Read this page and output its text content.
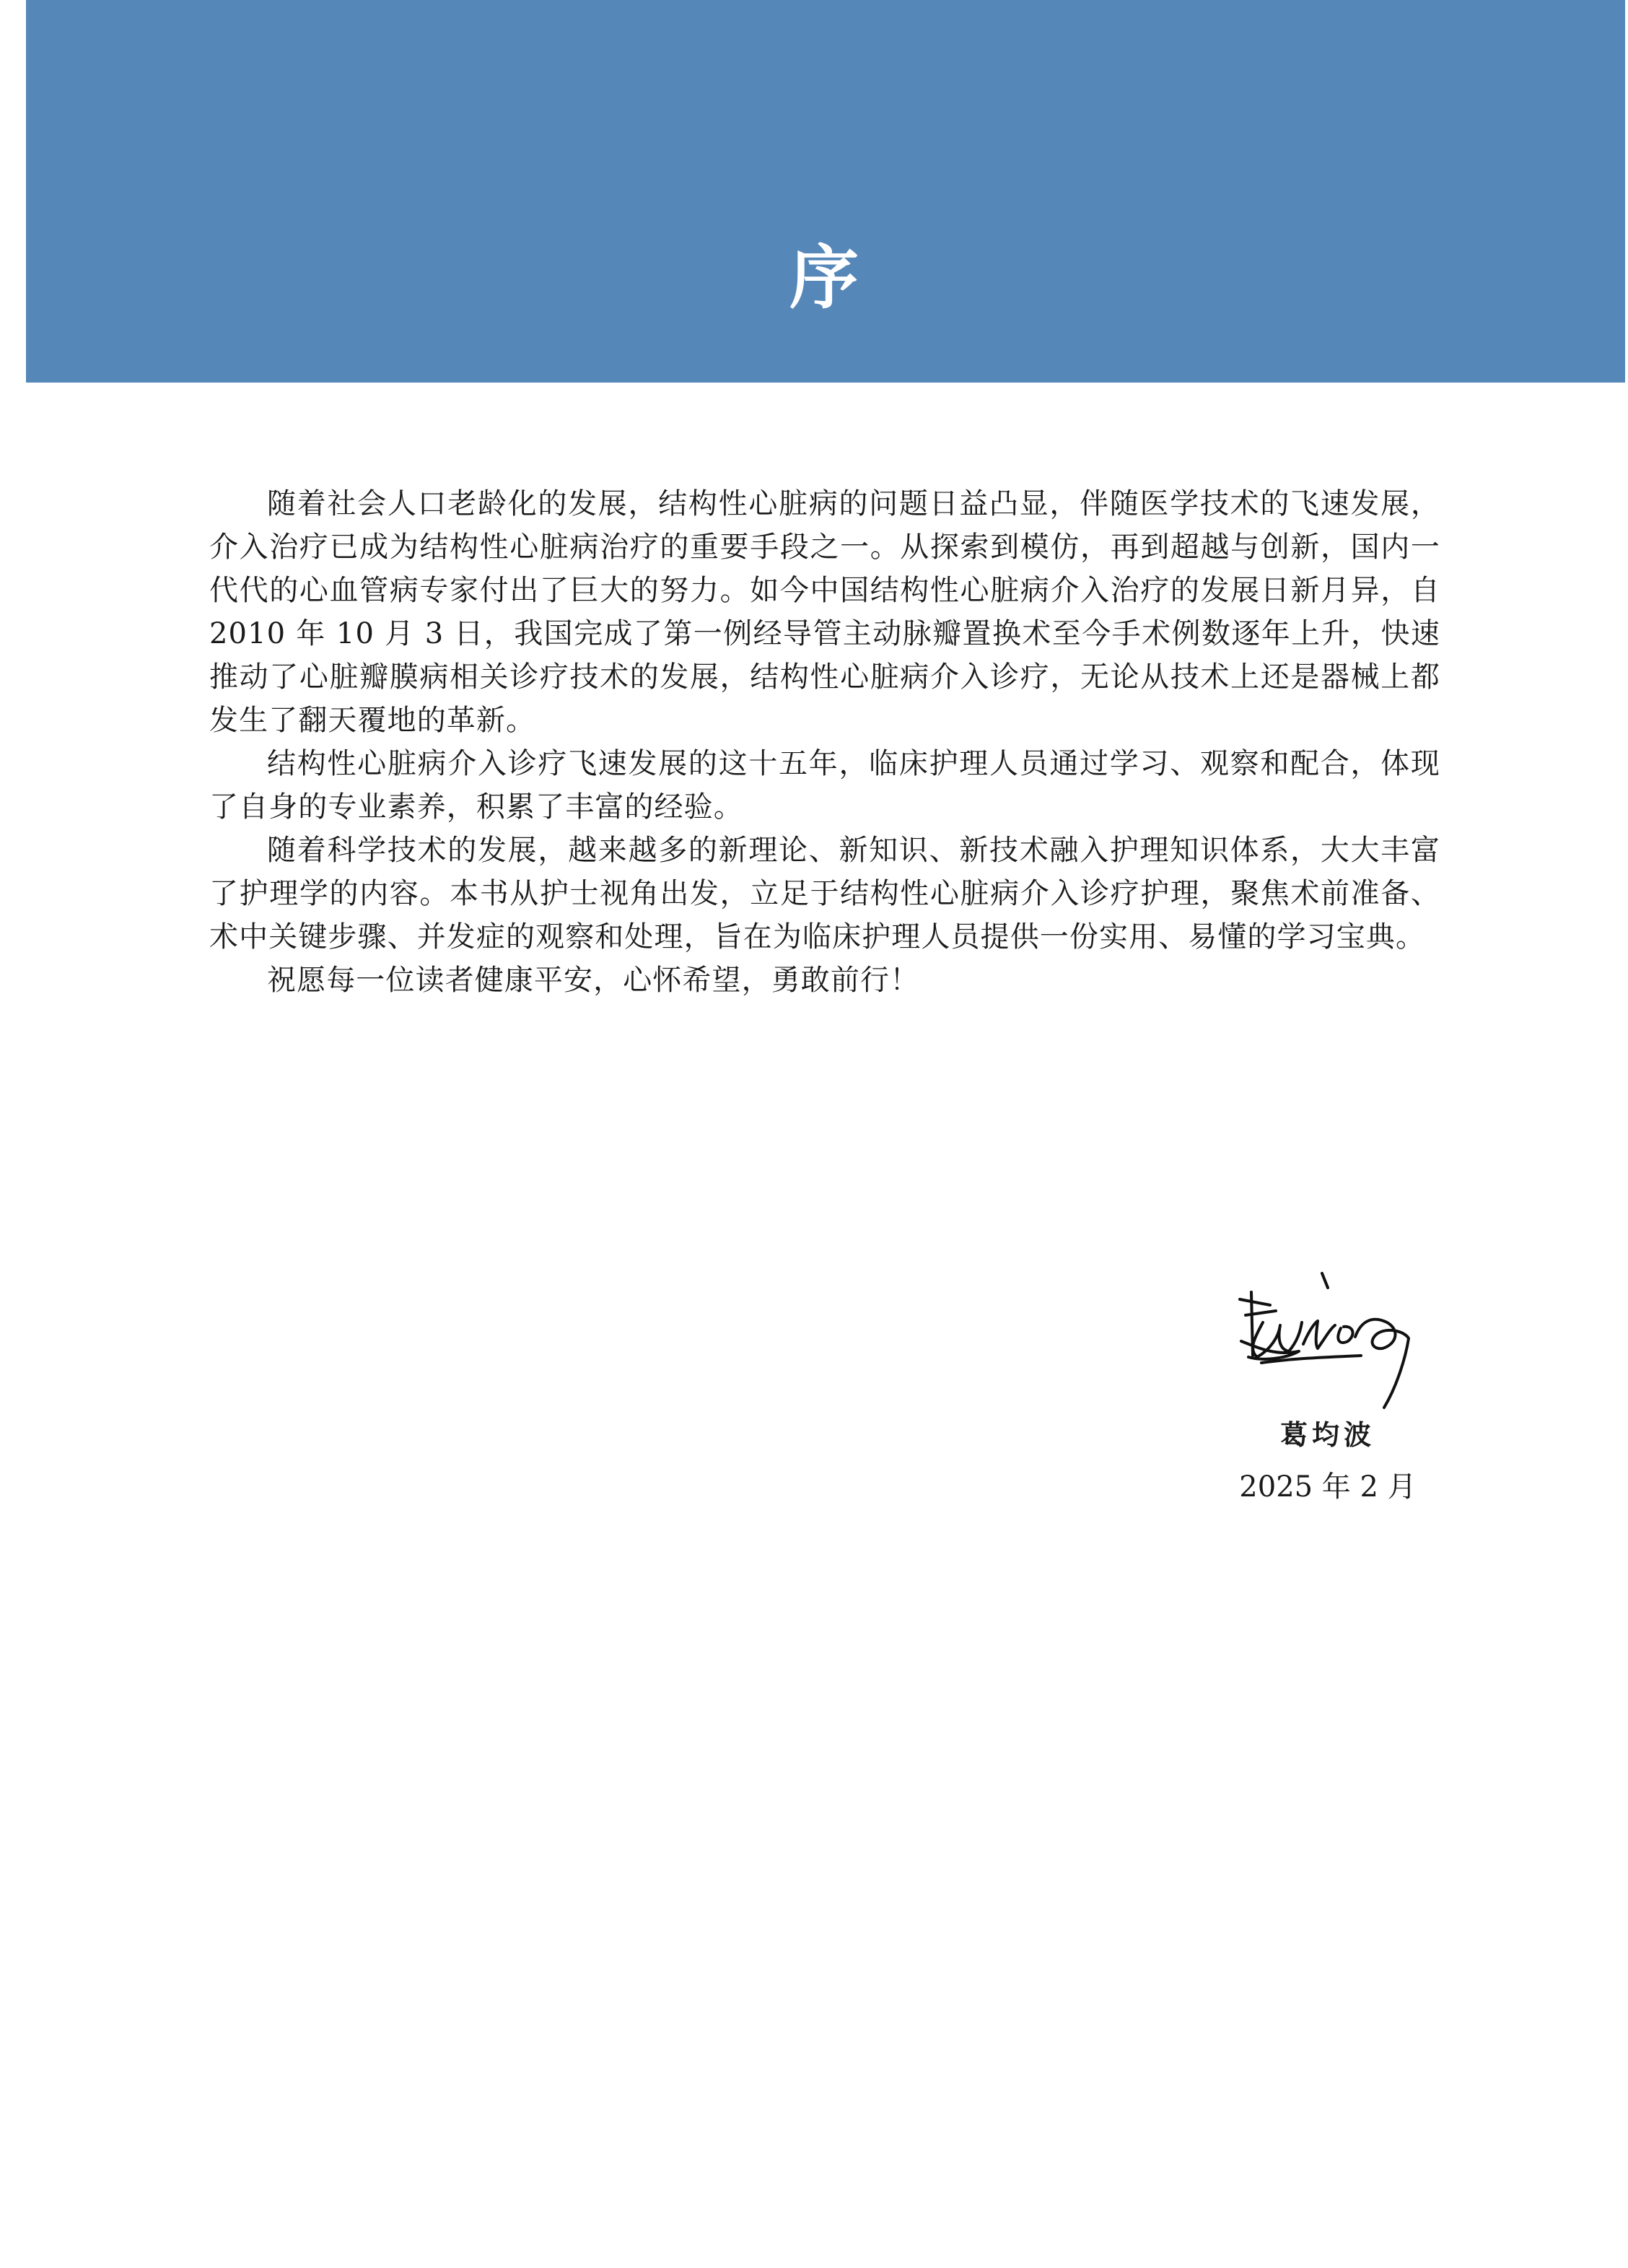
序

随着社会人口老龄化的发展，结构性心脏病的问题日益凸显，伴随医学技术的飞速发展，介入治疗已成为结构性心脏病治疗的重要手段之一。从探索到模仿，再到超越与创新，国内一代代的心血管病专家付出了巨大的努力。如今中国结构性心脏病介入治疗的发展日新月异，自 2010 年 10 月 3 日，我国完成了第一例经导管主动脉瓣置换术至今手术例数逐年上升，快速推动了心脏瓣膜病相关诊疗技术的发展，结构性心脏病介入诊疗，无论从技术上还是器械上都发生了翻天覆地的革新。

结构性心脏病介入诊疗飞速发展的这十五年，临床护理人员通过学习、观察和配合，体现了自身的专业素养，积累了丰富的经验。

随着科学技术的发展，越来越多的新理论、新知识、新技术融入护理知识体系，大大丰富了护理学的内容。本书从护士视角出发，立足于结构性心脏病介入诊疗护理，聚焦术前准备、术中关键步骤、并发症的观察和处理，旨在为临床护理人员提供一份实用、易懂的学习宝典。

祝愿每一位读者健康平安，心怀希望，勇敢前行！

葛均波
2025 年 2 月
